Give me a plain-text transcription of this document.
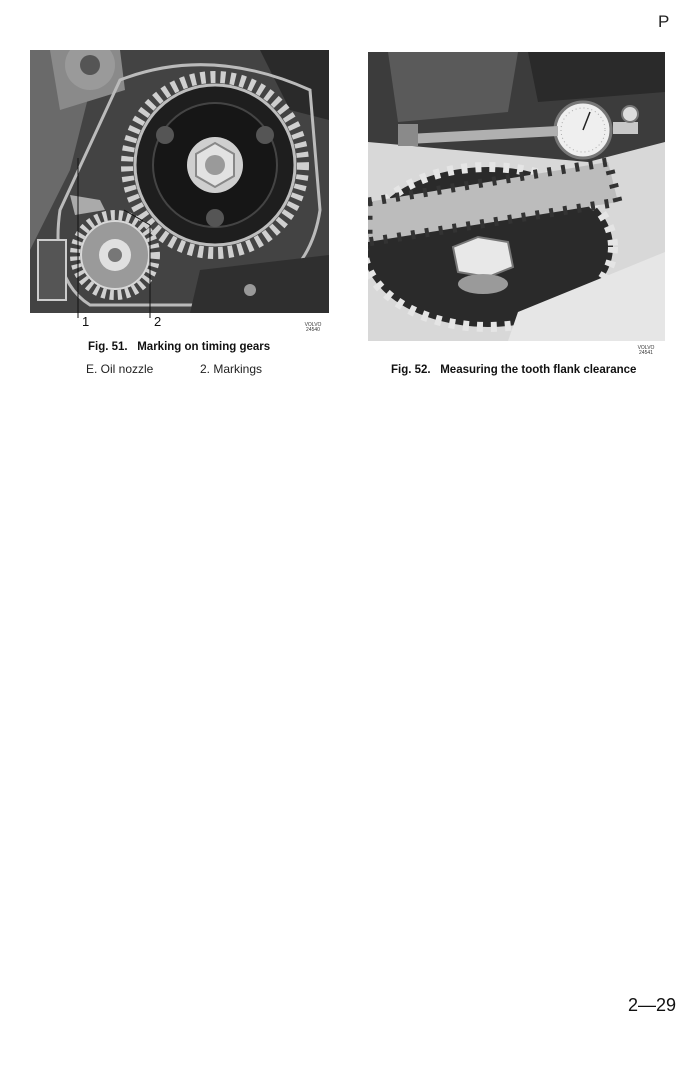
P
1	2	VOLVO
24540
Fig. 51. Marking on timing gears
E. Oil nozzle	2. Markings
VOLVO
24541
Fig. 52. Measuring the tooth flank clearance
2—29
